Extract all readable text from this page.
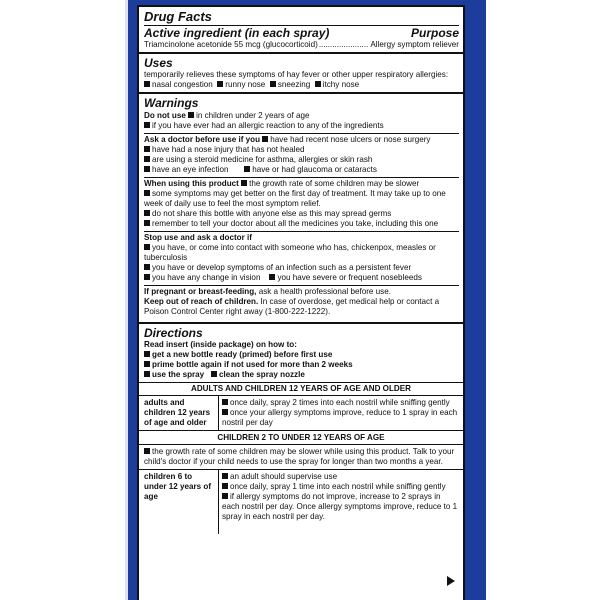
Drug Facts
Active ingredient (in each spray)	Purpose
Triamcinolone acetonide 55 mcg (glucocorticoid)
.....	Allergy symptom reliever
Uses
temporarily relieves these symptoms of hay fever or other upper respiratory allergies:
nasal congestion runny nose sneezing itchy nose
Warnings
Do not use in children under 2 years of age
if you have ever had an allergic reaction to any of the ingredients
Ask a doctor before use if you have had recent nose ulcers or nose surgery
have had a nose injury that has not healed
are using a steroid medicine for asthma, allergies or skin rash
have an eye infection	have or had glaucoma or cataracts
When using this product the growth rate of some children may be slower
some symptoms may get better on the first day of treatment. It may take up to one week of daily use to feel the most symptom relief.
do not share this bottle with anyone else as this may spread germs
remember to tell your doctor about all the medicines you take, including this one
Stop use and ask a doctor if
you have, or come into contact with someone who has, chickenpox, measles or tuberculosis
you have or develop symptoms of an infection such as a persistent fever
you have any change in vision you have severe or frequent nosebleeds
If pregnant or breast-feeding, ask a health professional before use.
Keep out of reach of children. In case of overdose, get medical help or contact a Poison Control Center right away (1-800-222-1222).
Directions
Read insert (inside package) on how to:
get a new bottle ready (primed) before first use
prime bottle again if not used for more than 2 weeks
use the spray clean the spray nozzle
ADULTS AND CHILDREN 12 YEARS OF AGE AND OLDER
adults and children 12 years of age and older
once daily, spray 2 times into each nostril while sniffing gently
once your allergy symptoms improve, reduce to 1 spray in each nostril per day
CHILDREN 2 TO UNDER 12 YEARS OF AGE
the growth rate of some children may be slower while using this product. Talk to your child's doctor if your child needs to use the spray for longer than two months a year.
children 6 to under 12 years of age
an adult should supervise use
once daily, spray 1 time into each nostril while sniffing gently
if allergy symptoms do not improve, increase to 2 sprays in each nostril per day. Once allergy symptoms improve, reduce to 1 spray in each nostril per day.
